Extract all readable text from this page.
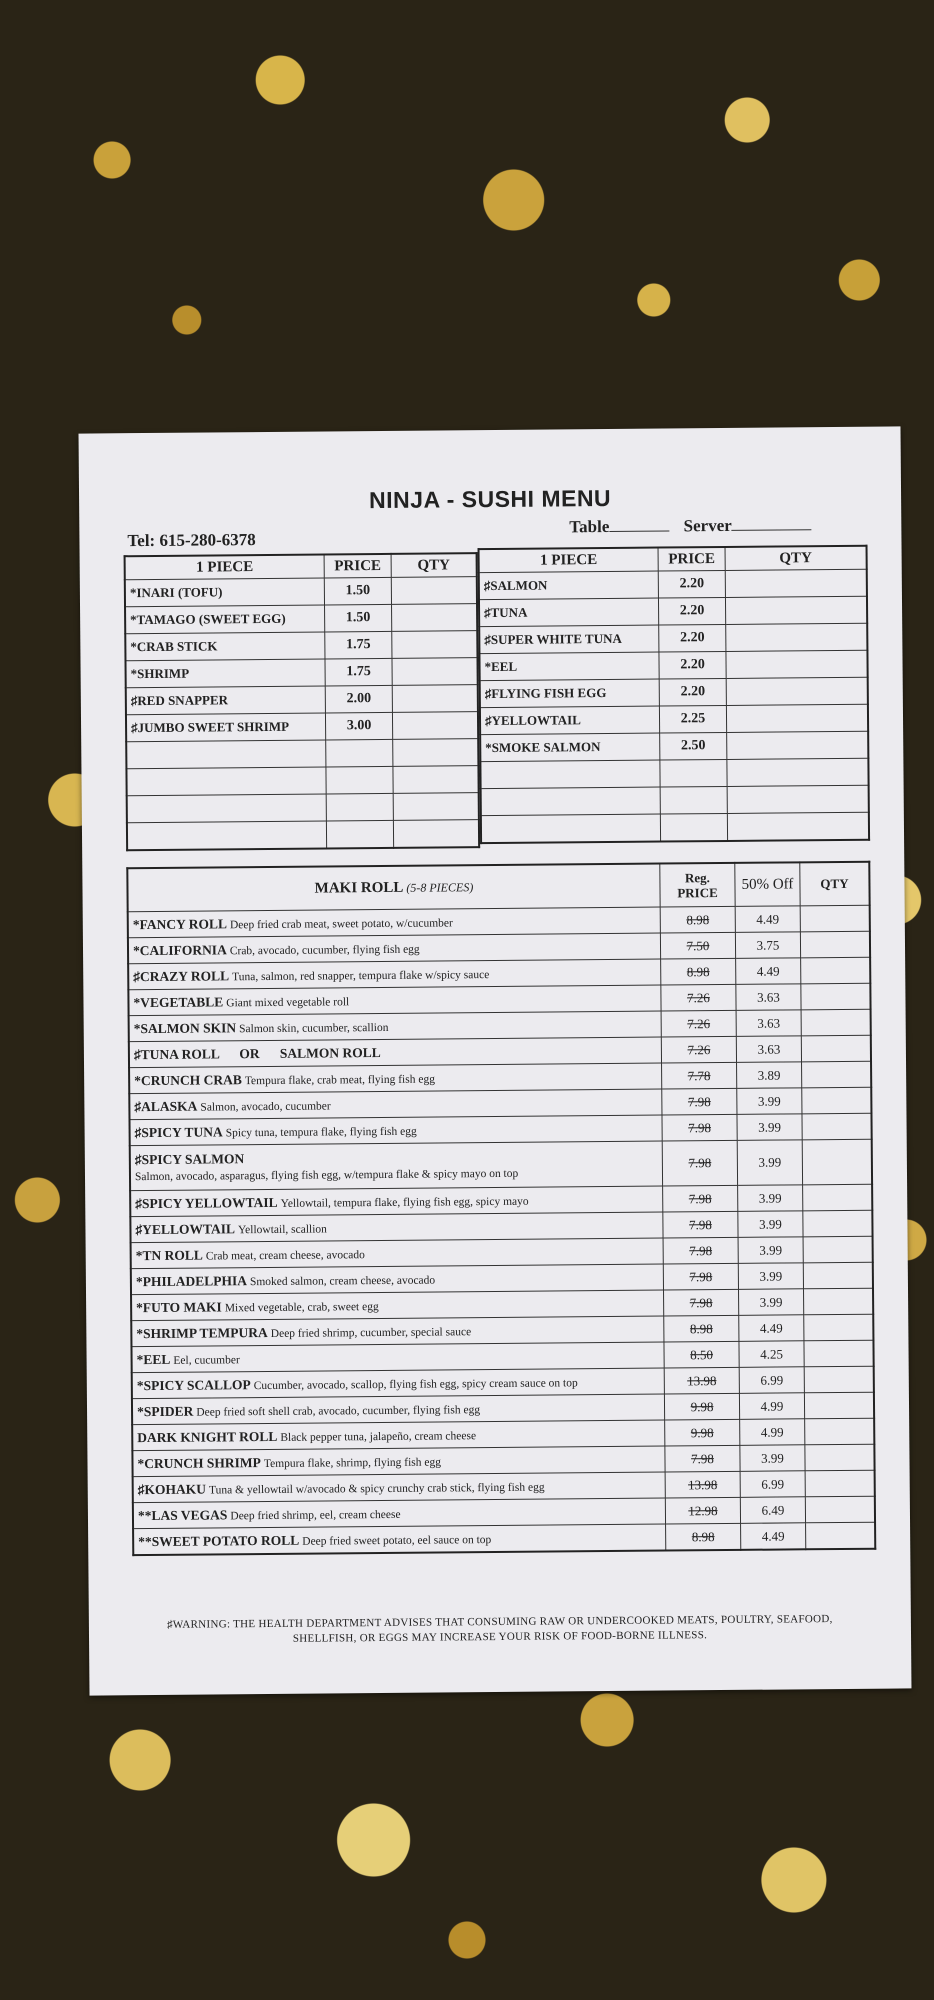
NINJA - SUSHI MENU
Tel: 615-280-6378
Table	Server
1 PIECE	PRICE	QTY
*INARI (TOFU)	1.50	
*TAMAGO (SWEET EGG)	1.50	
*CRAB STICK	1.75	
*SHRIMP	1.75	
♯RED SNAPPER	2.00	
♯JUMBO SWEET SHRIMP	3.00	

1 PIECE	PRICE	QTY
♯SALMON	2.20	
♯TUNA	2.20	
♯SUPER WHITE TUNA	2.20	
*EEL	2.20	
♯FLYING FISH EGG	2.20	
♯YELLOWTAIL	2.25	
*SMOKE SALMON	2.50	

MAKI ROLL (5-8 PIECES)	Reg. PRICE	50% Off	QTY
*FANCY ROLL Deep fried crab meat, sweet potato, w/cucumber	8.98	4.49	
*CALIFORNIA Crab, avocado, cucumber, flying fish egg	7.50	3.75	
♯CRAZY ROLL Tuna, salmon, red snapper, tempura flake w/spicy sauce	8.98	4.49	
*VEGETABLE Giant mixed vegetable roll	7.26	3.63	
*SALMON SKIN Salmon skin, cucumber, scallion	7.26	3.63	
♯TUNA ROLL      OR      SALMON ROLL	7.26	3.63	
*CRUNCH CRAB Tempura flake, crab meat, flying fish egg	7.78	3.89	
♯ALASKA Salmon, avocado, cucumber	7.98	3.99	
♯SPICY TUNA Spicy tuna, tempura flake, flying fish egg	7.98	3.99	
♯SPICY SALMON
Salmon, avocado, asparagus, flying fish egg, w/tempura flake & spicy mayo on top	7.98	3.99	
♯SPICY YELLOWTAIL Yellowtail, tempura flake, flying fish egg, spicy mayo	7.98	3.99	
♯YELLOWTAIL Yellowtail, scallion	7.98	3.99	
*TN ROLL Crab meat, cream cheese, avocado	7.98	3.99	
*PHILADELPHIA Smoked salmon, cream cheese, avocado	7.98	3.99	
*FUTO MAKI Mixed vegetable, crab, sweet egg	7.98	3.99	
*SHRIMP TEMPURA Deep fried shrimp, cucumber, special sauce	8.98	4.49	
*EEL Eel, cucumber	8.50	4.25	
*SPICY SCALLOP Cucumber, avocado, scallop, flying fish egg, spicy cream sauce on top	13.98	6.99	
*SPIDER Deep fried soft shell crab, avocado, cucumber, flying fish egg	9.98	4.99	
DARK KNIGHT ROLL Black pepper tuna, jalapeño, cream cheese	9.98	4.99	
*CRUNCH SHRIMP Tempura flake, shrimp, flying fish egg	7.98	3.99	
♯KOHAKU Tuna & yellowtail w/avocado & spicy crunchy crab stick, flying fish egg	13.98	6.99	
**LAS VEGAS Deep fried shrimp, eel, cream cheese	12.98	6.49	
**SWEET POTATO ROLL Deep fried sweet potato, eel sauce on top	8.98	4.49	
♯WARNING: THE HEALTH DEPARTMENT ADVISES THAT CONSUMING RAW OR UNDERCOOKED MEATS, POULTRY, SEAFOOD, SHELLFISH, OR EGGS MAY INCREASE YOUR RISK OF FOOD-BORNE ILLNESS.
